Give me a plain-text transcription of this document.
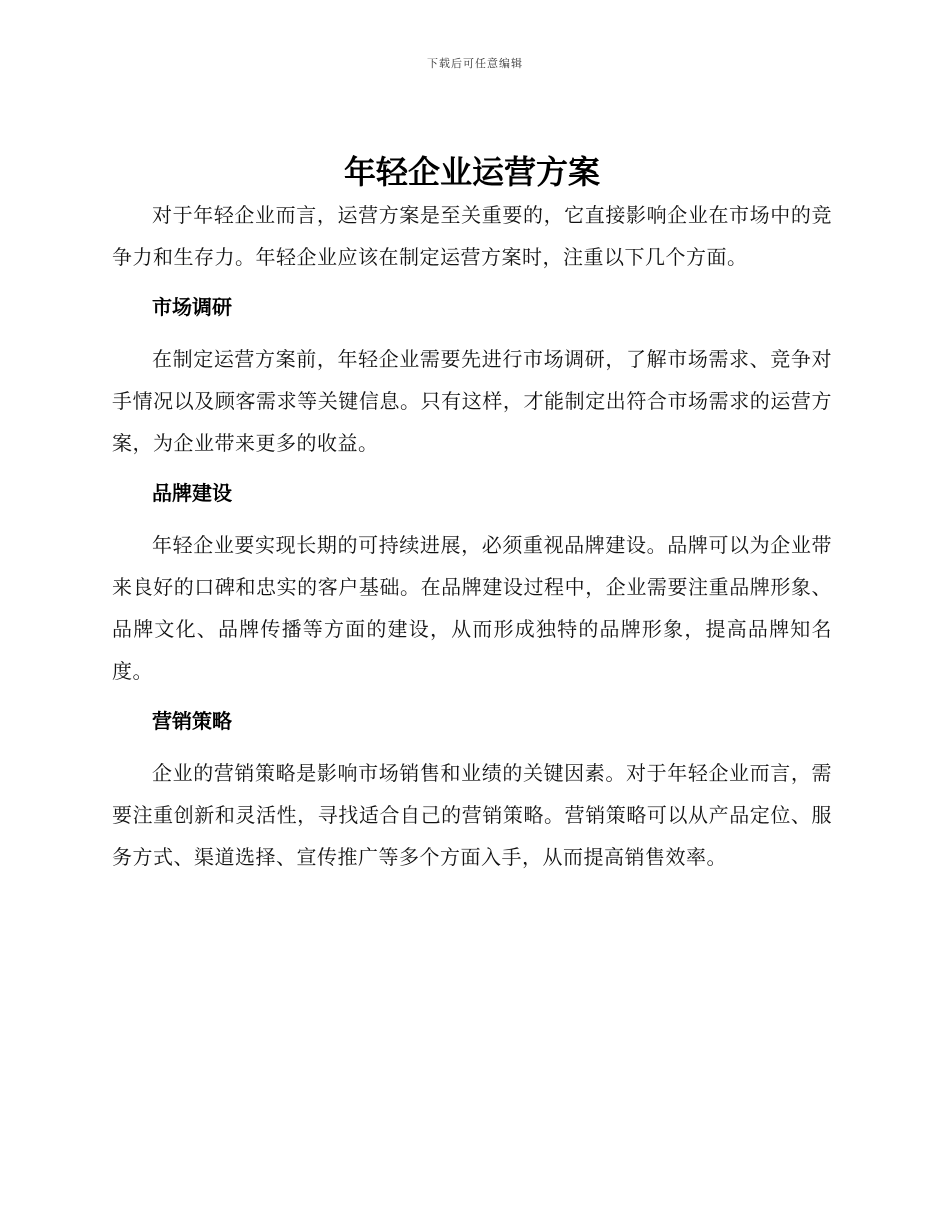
下载后可任意编辑
年轻企业运营方案

对于年轻企业而言，运营方案是至关重要的，它直接影响企业在市场中的竞争力和生存力。年轻企业应该在制定运营方案时，注重以下几个方面。

市场调研

在制定运营方案前，年轻企业需要先进行市场调研，了解市场需求、竞争对手情况以及顾客需求等关键信息。只有这样，才能制定出符合市场需求的运营方案，为企业带来更多的收益。

品牌建设

年轻企业要实现长期的可持续进展，必须重视品牌建设。品牌可以为企业带来良好的口碑和忠实的客户基础。在品牌建设过程中，企业需要注重品牌形象、品牌文化、品牌传播等方面的建设，从而形成独特的品牌形象，提高品牌知名度。

营销策略

企业的营销策略是影响市场销售和业绩的关键因素。对于年轻企业而言，需要注重创新和灵活性，寻找适合自己的营销策略。营销策略可以从产品定位、服务方式、渠道选择、宣传推广等多个方面入手，从而提高销售效率。
